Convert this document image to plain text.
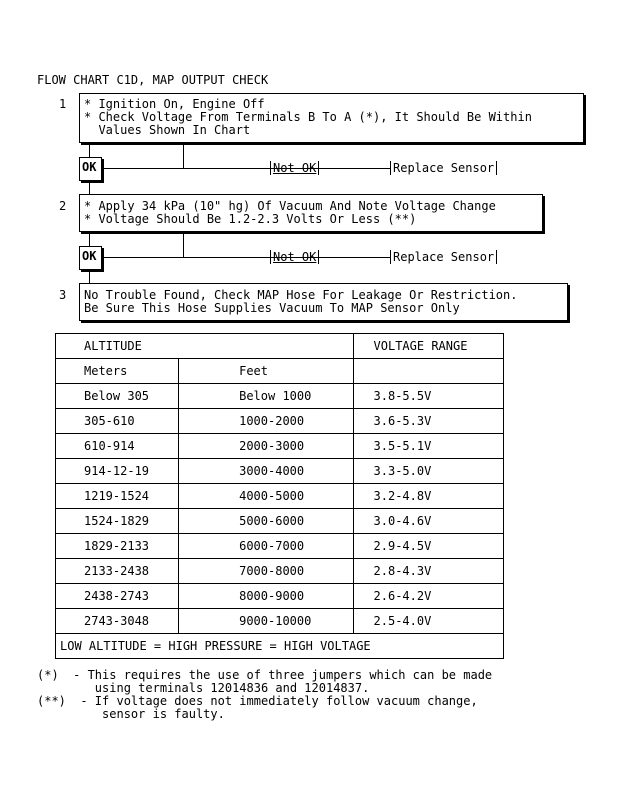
FLOW CHART C1D, MAP OUTPUT CHECK
1 * Ignition On, Engine Off
* Check Voltage From Terminals B To A (*), It Should Be Within
Values Shown In Chart
OK	Not OK	Replace Sensor
2 * Apply 34 kPa (10" hg) Of Vacuum And Note Voltage Change
* Voltage Should Be 1.2-2.3 Volts Or Less (**)
OK	Not OK	Replace Sensor
3 No Trouble Found, Check MAP Hose For Leakage Or Restriction.
Be Sure This Hose Supplies Vacuum To MAP Sensor Only
ALTITUDE		VOLTAGE RANGE
Meters	Feet	
Below 305	Below 1000	3.8-5.5V
305-610	1000-2000	3.6-5.3V
610-914	2000-3000	3.5-5.1V
914-12-19	3000-4000	3.3-5.0V
1219-1524	4000-5000	3.2-4.8V
1524-1829	5000-6000	3.0-4.6V
1829-2133	6000-7000	2.9-4.5V
2133-2438	7000-8000	2.8-4.3V
2438-2743	8000-9000	2.6-4.2V
2743-3048	9000-10000	2.5-4.0V
LOW ALTITUDE = HIGH PRESSURE = HIGH VOLTAGE		
(*)  - This requires the use of three jumpers which can be made
using terminals 12014836 and 12014837.
(**)  - If voltage does not immediately follow vacuum change,
sensor is faulty.
